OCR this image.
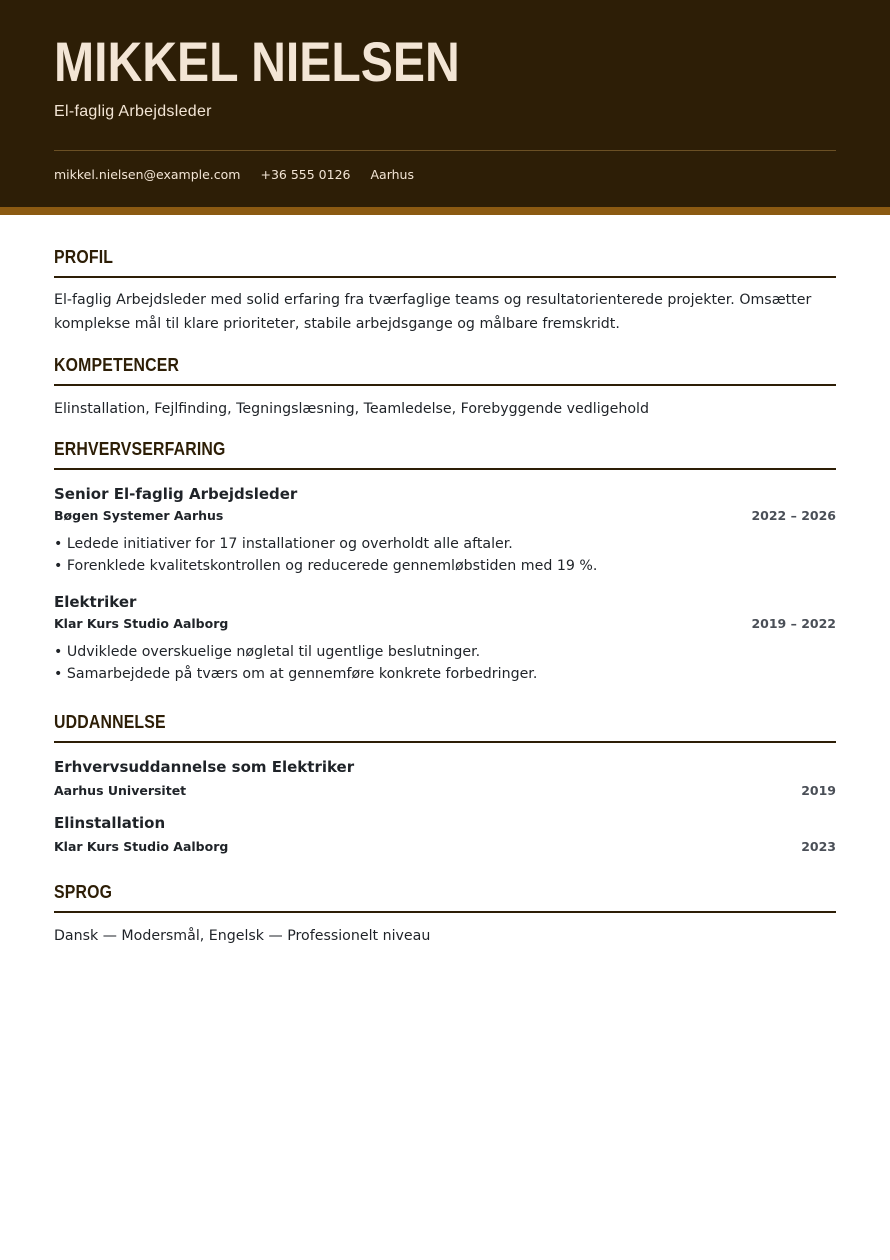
MIKKEL NIELSEN
El-faglig Arbejdsleder
mikkel.nielsen@example.com +36 555 0126 Aarhus
PROFIL
El-faglig Arbejdsleder med solid erfaring fra tværfaglige teams og resultatorienterede projekter. Omsætter komplekse mål til klare prioriteter, stabile arbejdsgange og målbare fremskridt.
KOMPETENCER
Elinstallation, Fejlfinding, Tegningslæsning, Teamledelse, Forebyggende vedligehold
ERHVERVSERFARING
Senior El-faglig Arbejdsleder
Bøgen Systemer Aarhus	2022 – 2026
• Ledede initiativer for 17 installationer og overholdt alle aftaler.
• Forenklede kvalitetskontrollen og reducerede gennemløbstiden med 19 %.
Elektriker
Klar Kurs Studio Aalborg	2019 – 2022
• Udviklede overskuelige nøgletal til ugentlige beslutninger.
• Samarbejdede på tværs om at gennemføre konkrete forbedringer.
UDDANNELSE
Erhvervsuddannelse som Elektriker
Aarhus Universitet	2019
Elinstallation
Klar Kurs Studio Aalborg	2023
SPROG
Dansk — Modersmål, Engelsk — Professionelt niveau
